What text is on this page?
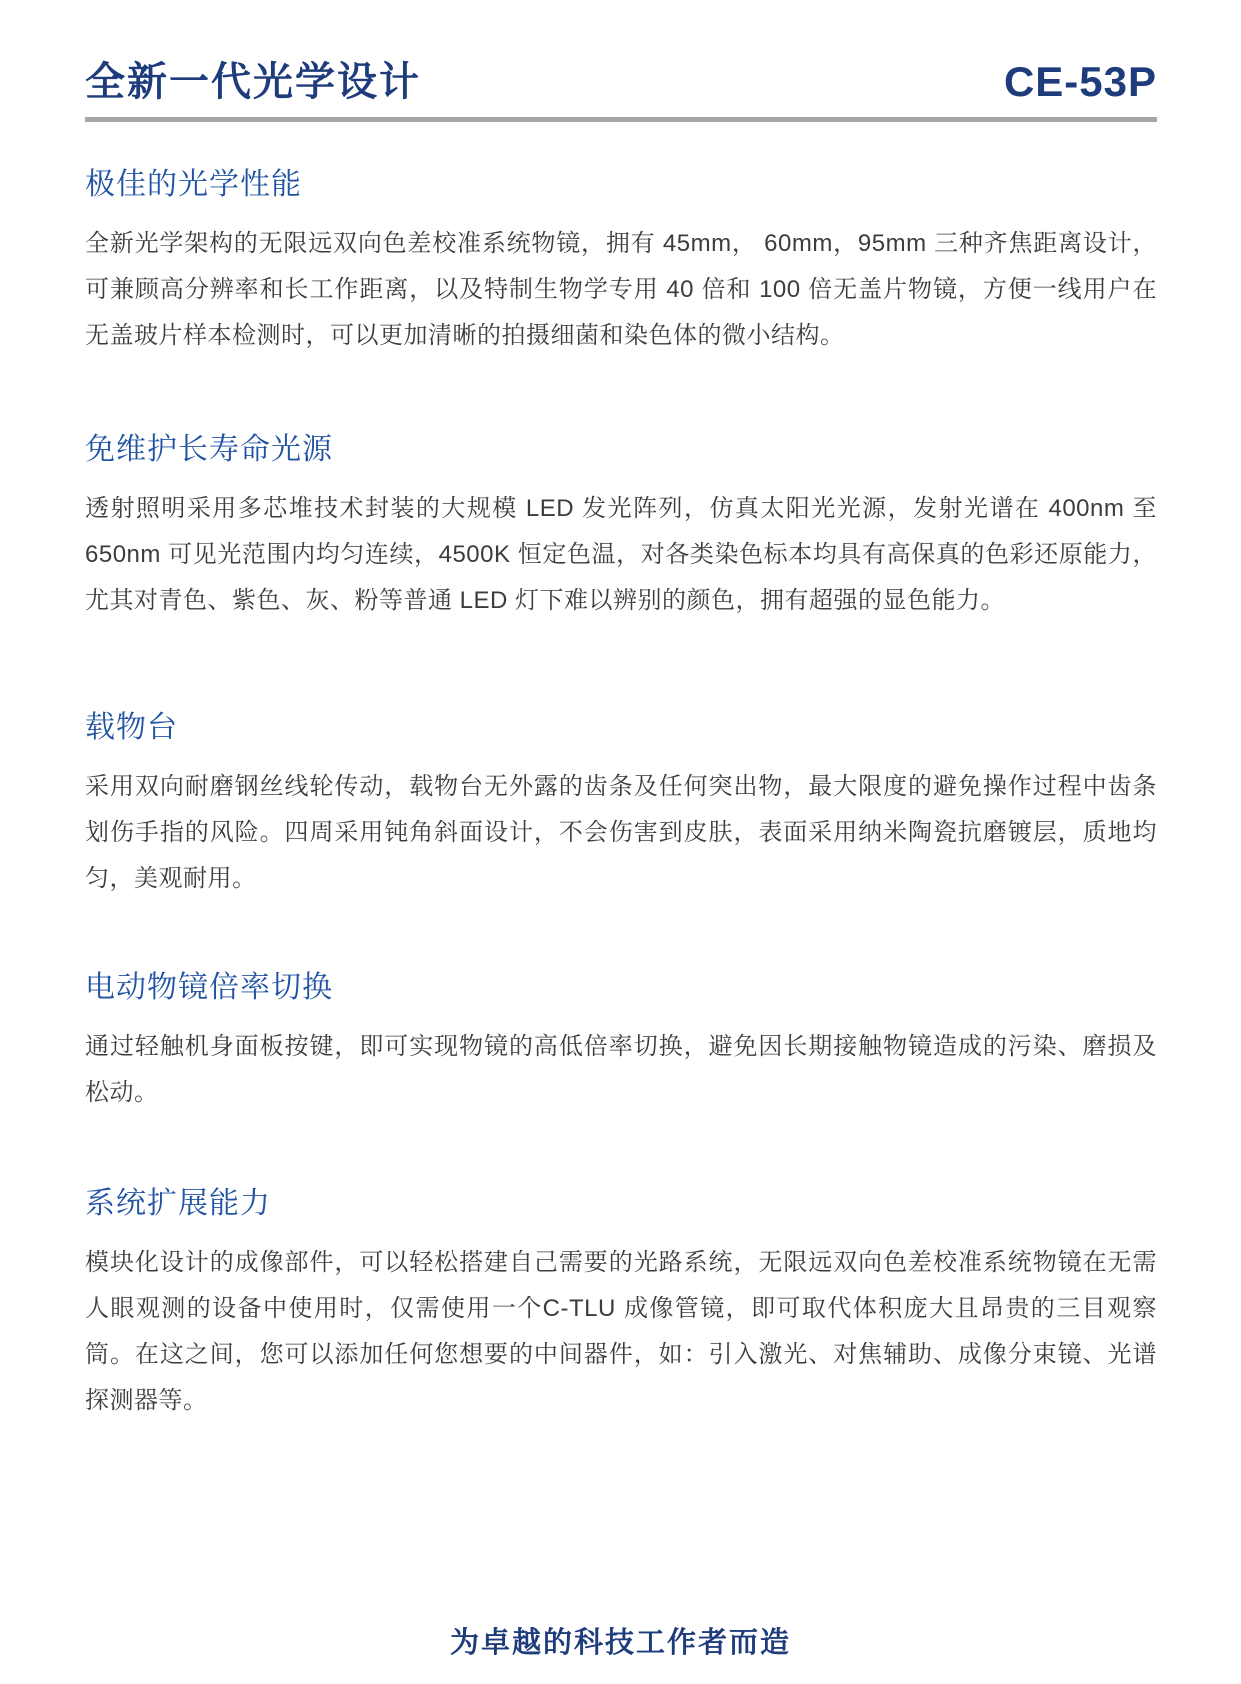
全新一代光学设计	CE-53P
极佳的光学性能
全新光学架构的无限远双向色差校准系统物镜，拥有 45mm， 60mm，95mm 三种齐焦距离设计，
可兼顾高分辨率和长工作距离，以及特制生物学专用 40 倍和 100 倍无盖片物镜，方便一线用户在
无盖玻片样本检测时，可以更加清晰的拍摄细菌和染色体的微小结构。
免维护长寿命光源
透射照明采用多芯堆技术封装的大规模 LED 发光阵列，仿真太阳光光源，发射光谱在 400nm 至
650nm 可见光范围内均匀连续，4500K 恒定色温，对各类染色标本均具有高保真的色彩还原能力，
尤其对青色、紫色、灰、粉等普通 LED 灯下难以辨别的颜色，拥有超强的显色能力。
载物台
采用双向耐磨钢丝线轮传动，载物台无外露的齿条及任何突出物，最大限度的避免操作过程中齿条
划伤手指的风险。四周采用钝角斜面设计，不会伤害到皮肤，表面采用纳米陶瓷抗磨镀层，质地均
匀，美观耐用。
电动物镜倍率切换
通过轻触机身面板按键，即可实现物镜的高低倍率切换，避免因长期接触物镜造成的污染、磨损及
松动。
系统扩展能力
模块化设计的成像部件，可以轻松搭建自己需要的光路系统，无限远双向色差校准系统物镜在无需
人眼观测的设备中使用时，仅需使用一个C-TLU 成像管镜，即可取代体积庞大且昂贵的三目观察
筒。在这之间，您可以添加任何您想要的中间器件，如：引入激光、对焦辅助、成像分束镜、光谱
探测器等。
为卓越的科技工作者而造
